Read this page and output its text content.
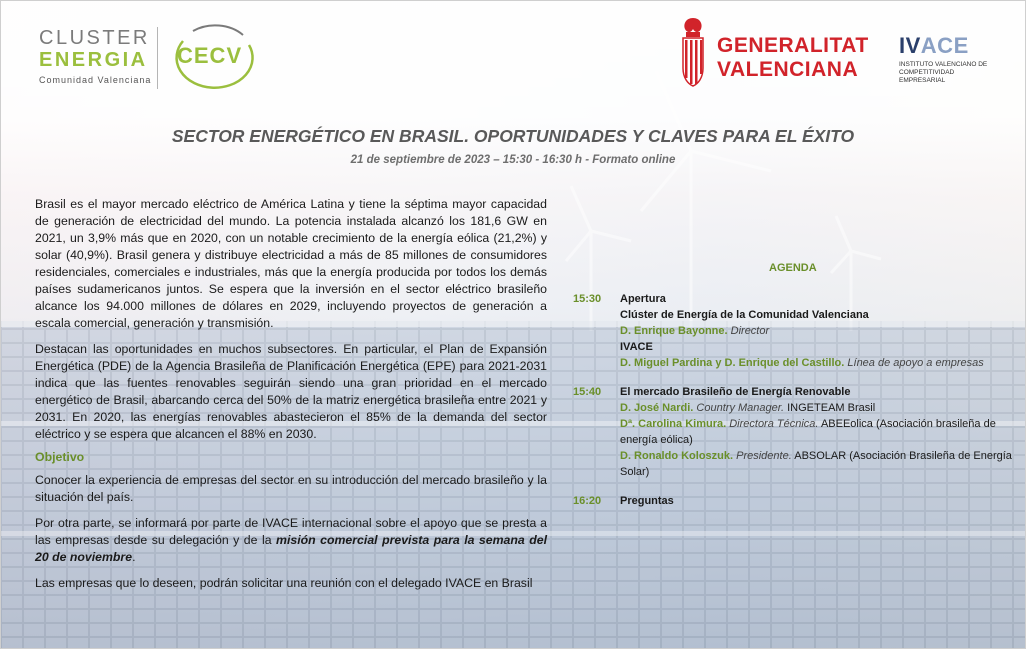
CLUSTER
ENERGIA
Comunidad Valenciana
CECV	GENERALITAT
VALENCIANA
IVACE
INSTITUTO VALENCIANO DE
COMPETITIVIDAD EMPRESARIAL
SECTOR ENERGÉTICO EN BRASIL. OPORTUNIDADES Y CLAVES PARA EL ÉXITO
21 de septiembre de 2023 – 15:30 - 16:30 h - Formato online

Brasil es el mayor mercado eléctrico de América Latina y tiene la séptima mayor capacidad de generación de electricidad del mundo. La potencia instalada alcanzó los 181,6 GW en 2021, un 3,9% más que en 2020, con un notable crecimiento de la energía eólica (21,2%) y solar (40,9%). Brasil genera y distribuye electricidad a más de 85 millones de consumidores residenciales, comerciales e industriales, más que la energía producida por todos los demás países sudamericanos juntos. Se espera que la inversión en el sector eléctrico brasileño alcance los 94.000 millones de dólares en 2029, incluyendo proyectos de generación a escala comercial, generación y transmisión.

Destacan las oportunidades en muchos subsectores. En particular, el Plan de Expansión Energética (PDE) de la Agencia Brasileña de Planificación Energética (EPE) para 2021-2031 indica que las fuentes renovables seguirán siendo una gran prioridad en el mercado energético de Brasil, abarcando cerca del 50% de la matriz energética brasileña entre 2021 y 2031. En 2020, las energías renovables abastecieron el 85% de la demanda del sector eléctrico y se espera que alcancen el 88% en 2030.

Objetivo

Conocer la experiencia de empresas del sector en su introducción del mercado brasileño y la situación del país.

Por otra parte, se informará por parte de IVACE internacional sobre el apoyo que se presta a las empresas desde su delegación y de la misión comercial prevista para la semana del 20 de noviembre.

Las empresas que lo deseen, podrán solicitar una reunión con el delegado IVACE en Brasil

AGENDA
15:30	Apertura
Clúster de Energía de la Comunidad Valenciana
D. Enrique Bayonne. Director
IVACE
D. Miguel Pardina y D. Enrique del Castillo. Línea de apoyo a empresas
15:40	El mercado Brasileño de Energía Renovable
D. José Nardi. Country Manager. INGETEAM Brasil
Dª. Carolina Kimura. Directora Técnica. ABEEolica (Asociación brasileña de energía eólica)
D. Ronaldo Koloszuk. Presidente. ABSOLAR (Asociación Brasileña de Energía Solar)
16:20	Preguntas
